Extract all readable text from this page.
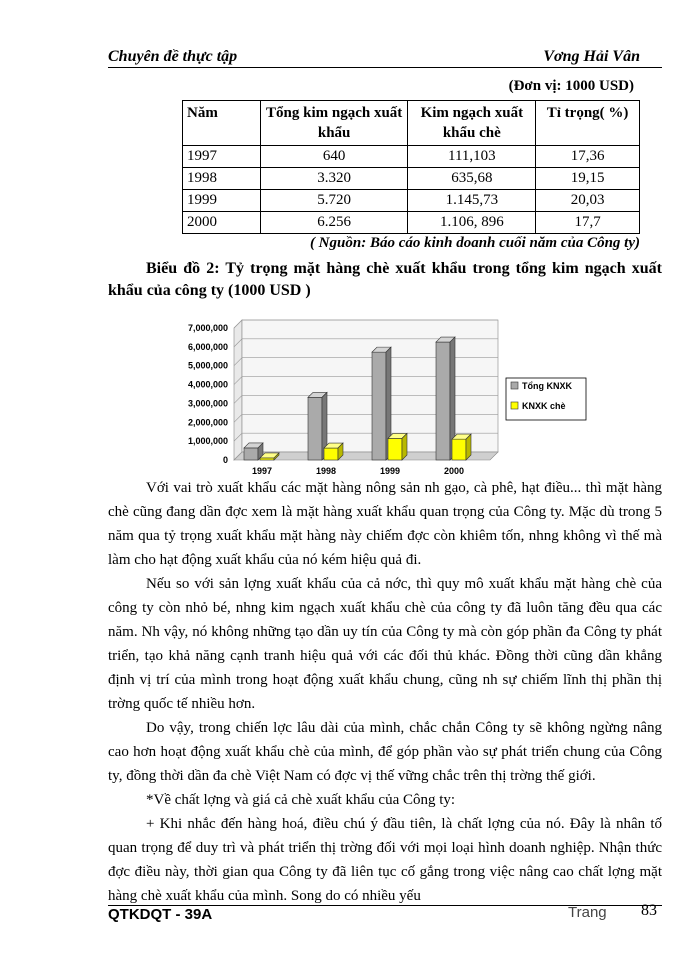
Chuyên đề thực tập	Vơng Hải Vân
(Đơn vị: 1000 USD)
Năm	Tổng kim ngạch xuất khẩu	Kim ngạch xuất khẩu chè	Tỉ trọng( %)
1997	640	111,103	17,36
1998	3.320	635,68	19,15
1999	5.720	1.145,73	20,03
2000	6.256	1.106, 896	17,7
( Nguồn: Báo cáo kinh doanh cuối năm của Công ty)
Biểu đồ 2: Tỷ trọng mặt hàng chè xuất khẩu trong tổng kim ngạch xuất khẩu của công ty (1000 USD )
0
1,000,000
2,000,000
3,000,000
4,000,000
5,000,000
6,000,000
7,000,000
1997	1998	1999	2000
Tổng KNXK
KNXK chè

Với vai trò xuất khẩu các mặt hàng nông sản nh gạo, cà phê, hạt điều... thì mặt hàng chè cũng đang dần đợc xem là mặt hàng xuất khẩu quan trọng của Công ty. Mặc dù trong 5 năm qua tỷ trọng xuất khẩu mặt hàng này chiếm đợc còn khiêm tốn, nhng không vì thế mà làm cho hạt động xuất khẩu của nó kém hiệu quả đi.

Nếu so với sản lợng xuất khẩu của cả nớc, thì quy mô xuất khẩu mặt hàng chè của công ty còn nhỏ bé, nhng kim ngạch xuất khẩu chè của công ty đã luôn tăng đều qua các năm. Nh vậy, nó không những tạo dần uy tín của Công ty mà còn góp phần đa Công ty phát triển, tạo khả năng cạnh tranh hiệu quả với các đối thủ khác. Đồng thời cũng dần khẳng định vị trí của mình trong hoạt động xuất khẩu chung, cũng nh sự chiếm lĩnh thị phần thị trờng quốc tế nhiều hơn.

Do vậy, trong chiến lợc lâu dài của mình, chắc chắn Công ty sẽ không ngừng nâng cao hơn hoạt động xuất khẩu chè của mình, để góp phần vào sự phát triển chung của Công ty, đồng thời dần đa chè Việt Nam có đợc vị thế vững chắc trên thị trờng thế giới.

*Về chất lợng và giá cả chè xuất khẩu của Công ty:

+ Khi nhắc đến hàng hoá, điều chú ý đầu tiên, là chất lợng của nó. Đây là nhân tố quan trọng để duy trì và phát triển thị trờng đối với mọi loại hình doanh nghiệp. Nhận thức đợc điều này, thời gian qua Công ty đã liên tục cố gắng trong việc nâng cao chất lợng mặt hàng chè xuất khẩu của mình. Song do có nhiều yếu

QTKDQT - 39A	Trang 83
